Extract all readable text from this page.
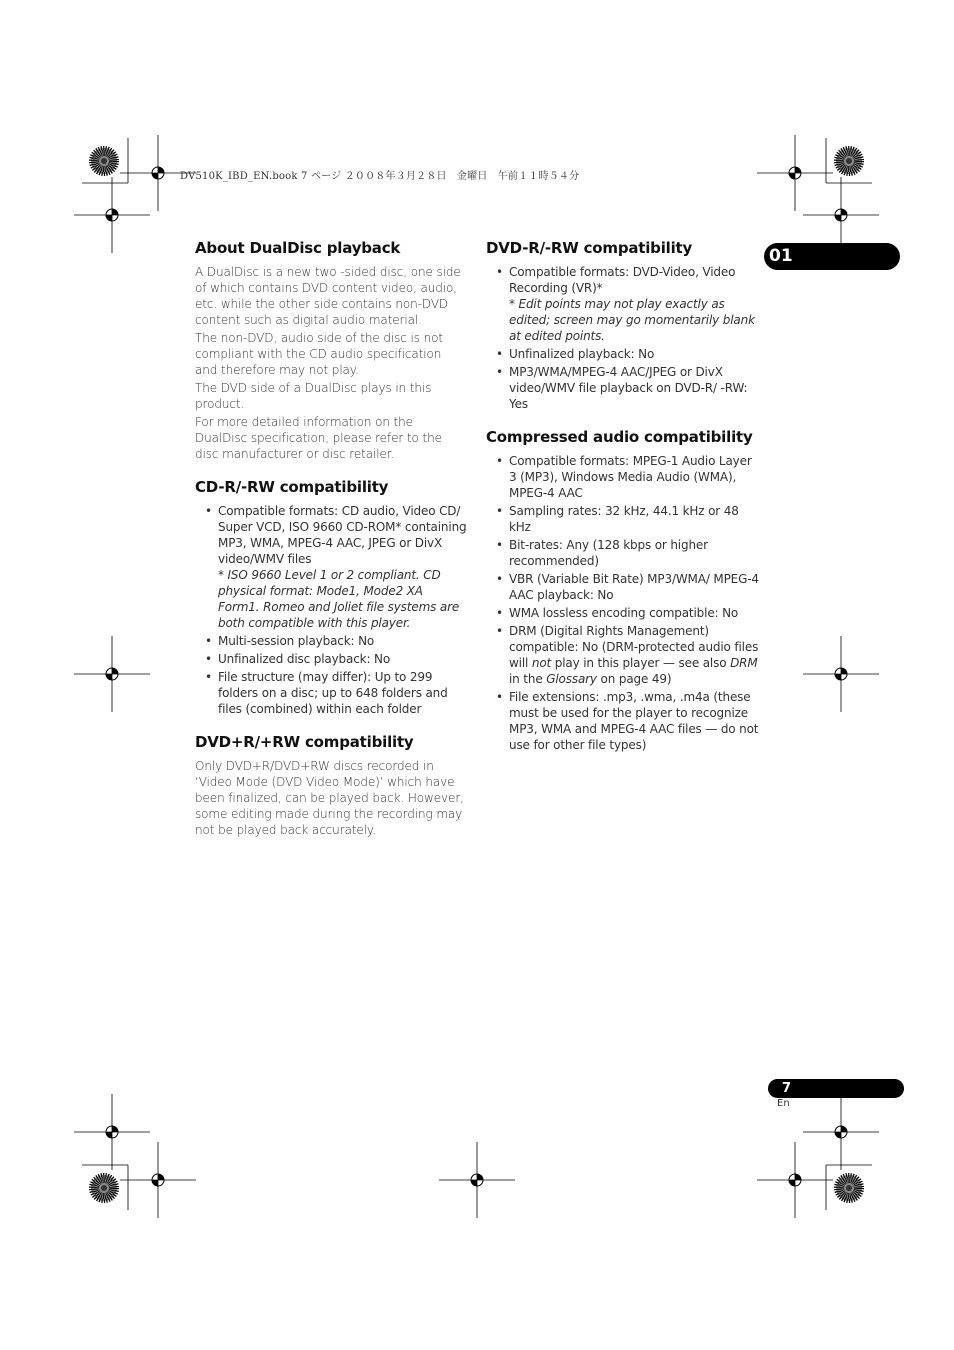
DV510K_IBD_EN.book 7 ページ ２００８年３月２８日　金曜日　午前１１時５４分
01
About DualDisc playback

A DualDisc is a new two -sided disc, one side of which contains DVD content video, audio, etc. while the other side contains non-DVD content such as digital audio material.

The non-DVD, audio side of the disc is not compliant with the CD audio specification and therefore may not play.

The DVD side of a DualDisc plays in this product.

For more detailed information on the DualDisc specification, please refer to the disc manufacturer or disc retailer.

CD-R/-RW compatibility
• Compatible formats: CD audio, Video CD/ Super VCD, ISO 9660 CD-ROM* containing MP3, WMA, MPEG-4 AAC, JPEG or DivX video/WMV files
* ISO 9660 Level 1 or 2 compliant. CD physical format: Mode1, Mode2 XA Form1. Romeo and Joliet file systems are both compatible with this player.
• Multi-session playback: No
• Unfinalized disc playback: No
• File structure (may differ): Up to 299 folders on a disc; up to 648 folders and files (combined) within each folder
DVD+R/+RW compatibility

Only DVD+R/DVD+RW discs recorded in ‘Video Mode (DVD Video Mode)’ which have been finalized, can be played back. However, some editing made during the recording may not be played back accurately.

DVD-R/-RW compatibility
• Compatible formats: DVD-Video, Video Recording (VR)*
* Edit points may not play exactly as edited; screen may go momentarily blank at edited points.
• Unfinalized playback: No
• MP3/WMA/MPEG-4 AAC/JPEG or DivX video/WMV file playback on DVD-R/ -RW: Yes
Compressed audio compatibility
• Compatible formats: MPEG-1 Audio Layer 3 (MP3), Windows Media Audio (WMA), MPEG-4 AAC
• Sampling rates: 32 kHz, 44.1 kHz or 48 kHz
• Bit-rates: Any (128 kbps or higher recommended)
• VBR (Variable Bit Rate) MP3/WMA/ MPEG-4 AAC playback: No
• WMA lossless encoding compatible: No
• DRM (Digital Rights Management) compatible: No (DRM-protected audio files will not play in this player — see also DRM in the Glossary on page 49)
• File extensions: .mp3, .wma, .m4a (these must be used for the player to recognize MP3, WMA and MPEG-4 AAC files — do not use for other file types)
7
En
